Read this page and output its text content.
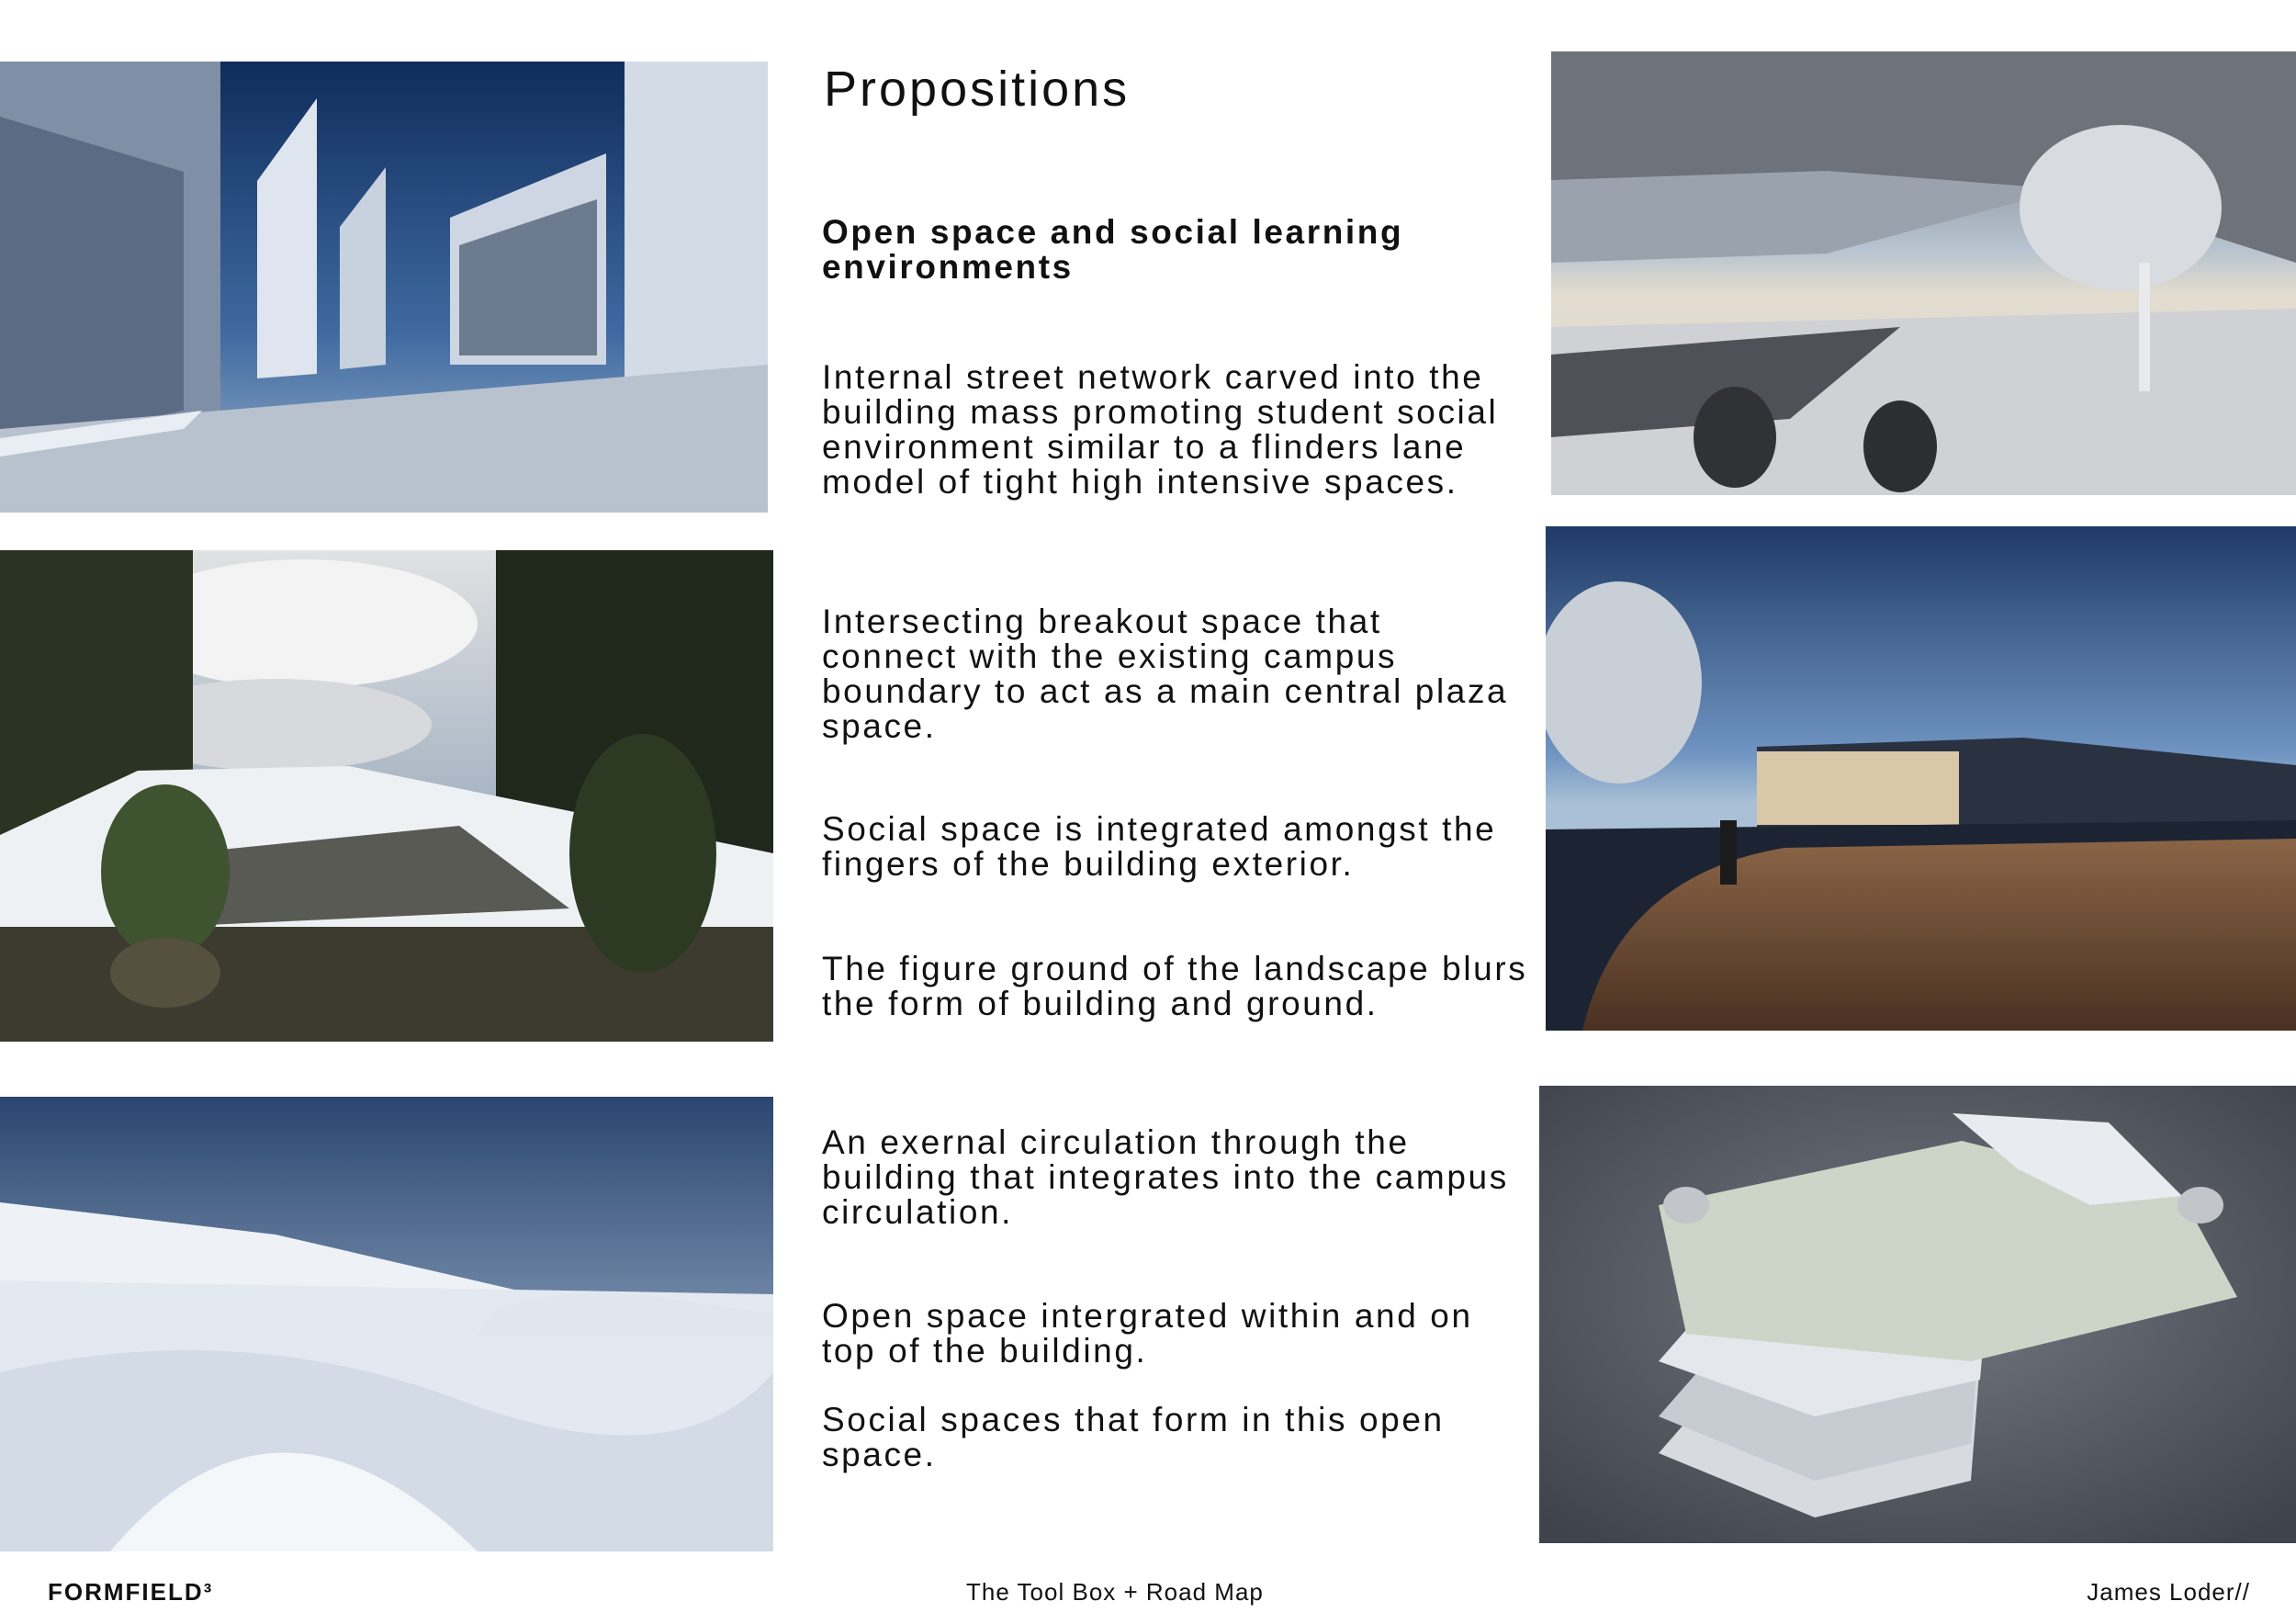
Propositions
Open space and social learning environments
Internal street network carved into the building mass promoting student social environment similar to a flinders lane model of tight high intensive spaces.
Intersecting breakout space that connect with the existing campus boundary to act as a main central plaza space.
Social space is integrated amongst the fingers of the building exterior.
The figure ground of the landscape blurs the form of building and ground.
An exernal circulation through the building that integrates into the campus circulation.
Open space intergrated within and on top of the building.
Social spaces that form in this open space.
FORMFIELD³	The Tool Box + Road Map	James Loder//
